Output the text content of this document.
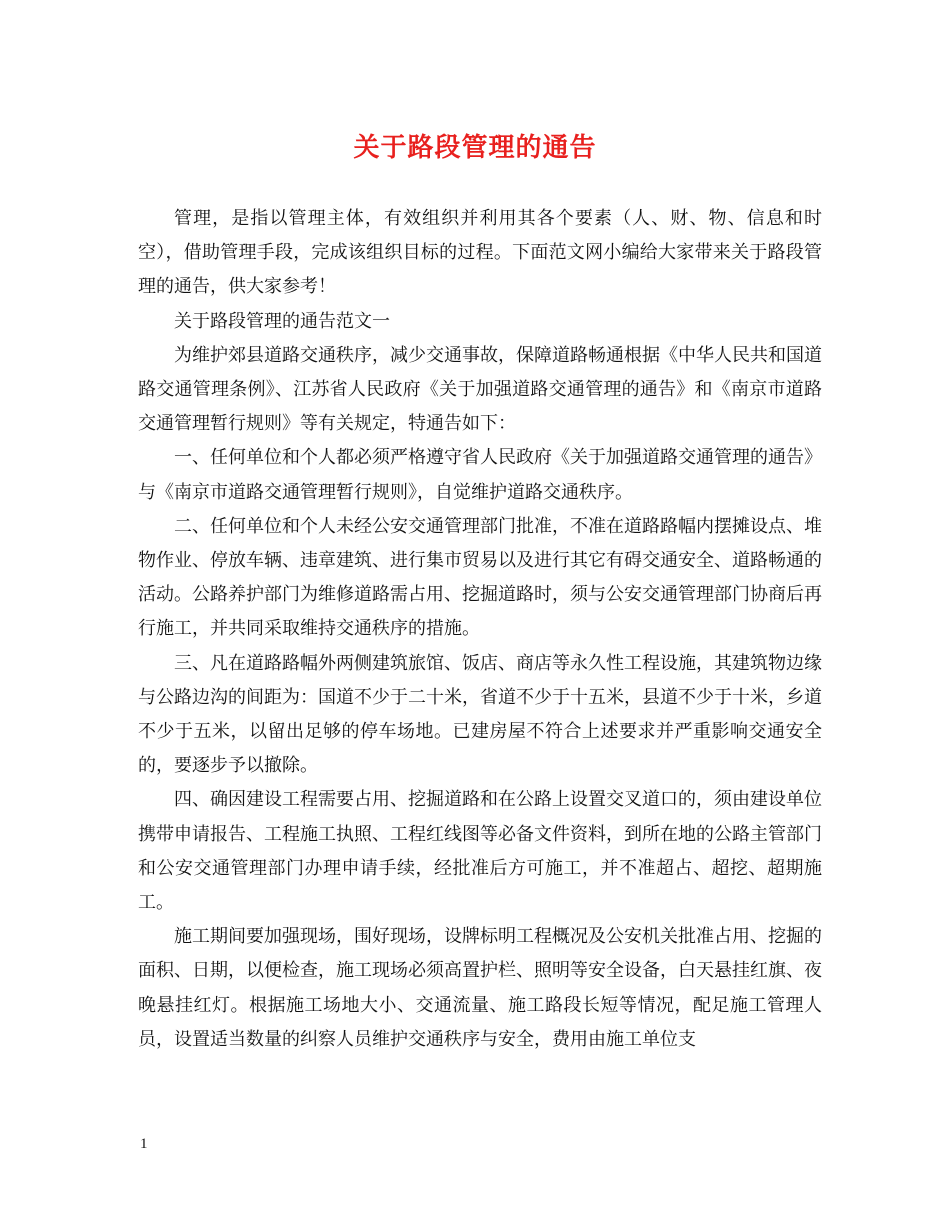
关于路段管理的通告

管理，是指以管理主体，有效组织并利用其各个要素（人、财、物、信息和时空），借助管理手段，完成该组织目标的过程。下面范文网小编给大家带来关于路段管理的通告，供大家参考！

关于路段管理的通告范文一

为维护郊县道路交通秩序，减少交通事故，保障道路畅通根据《中华人民共和国道路交通管理条例》、江苏省人民政府《关于加强道路交通管理的通告》和《南京市道路交通管理暂行规则》等有关规定，特通告如下：

一、任何单位和个人都必须严格遵守省人民政府《关于加强道路交通管理的通告》与《南京市道路交通管理暂行规则》，自觉维护道路交通秩序。

二、任何单位和个人未经公安交通管理部门批准，不准在道路路幅内摆摊设点、堆物作业、停放车辆、违章建筑、进行集市贸易以及进行其它有碍交通安全、道路畅通的活动。公路养护部门为维修道路需占用、挖掘道路时，须与公安交通管理部门协商后再行施工，并共同采取维持交通秩序的措施。

三、凡在道路路幅外两侧建筑旅馆、饭店、商店等永久性工程设施，其建筑物边缘与公路边沟的间距为：国道不少于二十米，省道不少于十五米，县道不少于十米，乡道不少于五米，以留出足够的停车场地。已建房屋不符合上述要求并严重影响交通安全的，要逐步予以撤除。

四、确因建设工程需要占用、挖掘道路和在公路上设置交叉道口的，须由建设单位携带申请报告、工程施工执照、工程红线图等必备文件资料，到所在地的公路主管部门和公安交通管理部门办理申请手续，经批准后方可施工，并不准超占、超挖、超期施工。

施工期间要加强现场，围好现场，设牌标明工程概况及公安机关批准占用、挖掘的面积、日期，以便检查，施工现场必须高置护栏、照明等安全设备，白天悬挂红旗、夜晚悬挂红灯。根据施工场地大小、交通流量、施工路段长短等情况，配足施工管理人员，设置适当数量的纠察人员维护交通秩序与安全，费用由施工单位支

1
